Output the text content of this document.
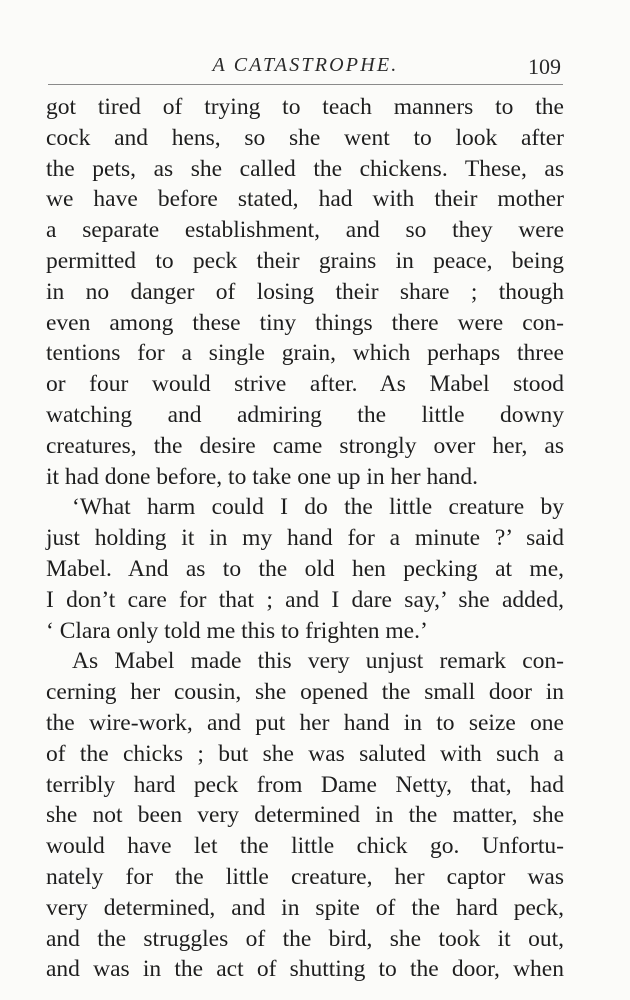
A CATASTROPHE.	109
got tired of trying to teach manners to the
cock and hens, so she went to look after
the pets, as she called the chickens. These, as
we have before stated, had with their mother
a separate establishment, and so they were
permitted to peck their grains in peace, being
in no danger of losing their share ; though
even among these tiny things there were con-
tentions for a single grain, which perhaps three
or four would strive after. As Mabel stood
watching and admiring the little downy
creatures, the desire came strongly over her, as
it had done before, to take one up in her hand.
‘What harm could I do the little creature by
just holding it in my hand for a minute ?’ said
Mabel. And as to the old hen pecking at me,
I don’t care for that ; and I dare say,’ she added,
‘ Clara only told me this to frighten me.’
As Mabel made this very unjust remark con-
cerning her cousin, she opened the small door in
the wire-work, and put her hand in to seize one
of the chicks ; but she was saluted with such a
terribly hard peck from Dame Netty, that, had
she not been very determined in the matter, she
would have let the little chick go. Unfortu-
nately for the little creature, her captor was
very determined, and in spite of the hard peck,
and the struggles of the bird, she took it out,
and was in the act of shutting to the door, when
